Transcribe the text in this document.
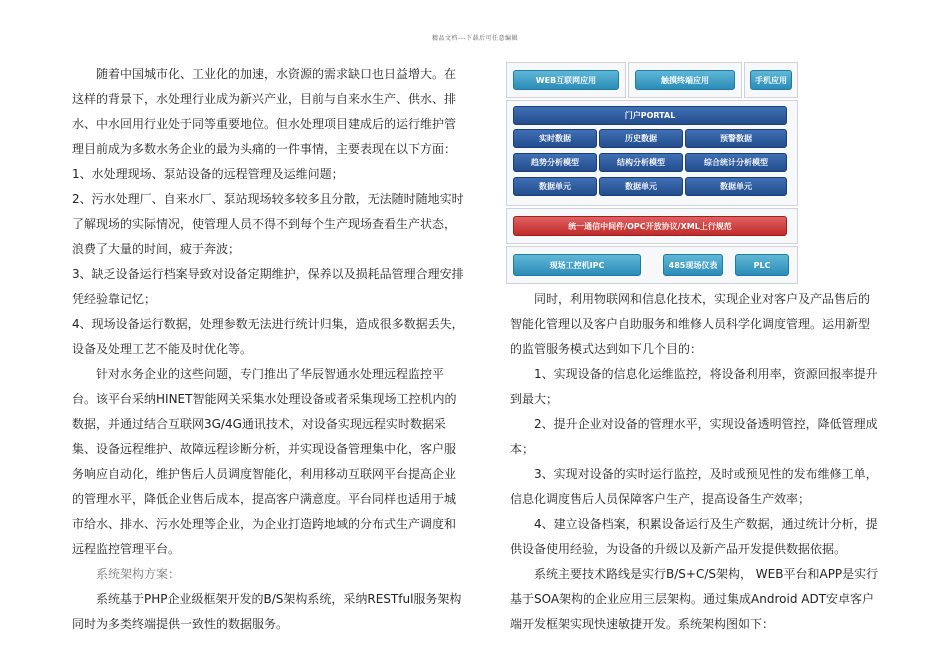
精品文档---下载后可任意编辑

随着中国城市化、工业化的加速，水资源的需求缺口也日益增大。在这样的背景下，水处理行业成为新兴产业，目前与自来水生产、供水、排水、中水回用行业处于同等重要地位。但水处理项目建成后的运行维护管理目前成为多数水务企业的最为头痛的一件事情，主要表现在以下方面：

1、水处理现场、泵站设备的远程管理及运维问题；

2、污水处理厂、自来水厂、泵站现场较多较多且分散，无法随时随地实时了解现场的实际情况，使管理人员不得不到每个生产现场查看生产状态，浪费了大量的时间，疲于奔波；

3、缺乏设备运行档案导致对设备定期维护，保养以及损耗品管理合理安排凭经验靠记忆；

4、现场设备运行数据，处理参数无法进行统计归集，造成很多数据丢失，设备及处理工艺不能及时优化等。

针对水务企业的这些问题，专门推出了华辰智通水处理远程监控平台。该平台采纳HINET智能网关采集水处理设备或者采集现场工控机内的数据，并通过结合互联网3G/4G通讯技术，对设备实现远程实时数据采集、设备远程维护、故障远程诊断分析，并实现设备管理集中化，客户服务响应自动化，维护售后人员调度智能化，利用移动互联网平台提高企业的管理水平，降低企业售后成本，提高客户满意度。平台同样也适用于城市给水、排水、污水处理等企业，为企业打造跨地域的分布式生产调度和远程监控管理平台。

系统架构方案：

系统基于PHP企业级框架开发的B/S架构系统，采纳RESTful服务架构同时为多类终端提供一致性的数据服务。

WEB互联网应用	触摸终端应用	手机应用
门户PORTAL
实时数据	历史数据	预警数据
趋势分析模型	结构分析模型	综合统计分析模型
数据单元	数据单元	数据单元
统一通信中间件/OPC开放协议/XML上行规范
现场工控机IPC	485现场仪表	PLC

同时，利用物联网和信息化技术，实现企业对客户及产品售后的智能化管理以及客户自助服务和维修人员科学化调度管理。运用新型的监管服务模式达到如下几个目的：

1、实现设备的信息化运维监控，将设备利用率，资源回报率提升到最大；

2、提升企业对设备的管理水平，实现设备透明管控，降低管理成本；

3、实现对设备的实时运行监控，及时或预见性的发布维修工单，信息化调度售后人员保障客户生产，提高设备生产效率；

4、建立设备档案，积累设备运行及生产数据，通过统计分析，提供设备使用经验，为设备的升级以及新产品开发提供数据依据。

系统主要技术路线是实行B/S+C/S架构， WEB平台和APP是实行基于SOA架构的企业应用三层架构。通过集成Android ADT安卓客户端开发框架实现快速敏捷开发。系统架构图如下：
